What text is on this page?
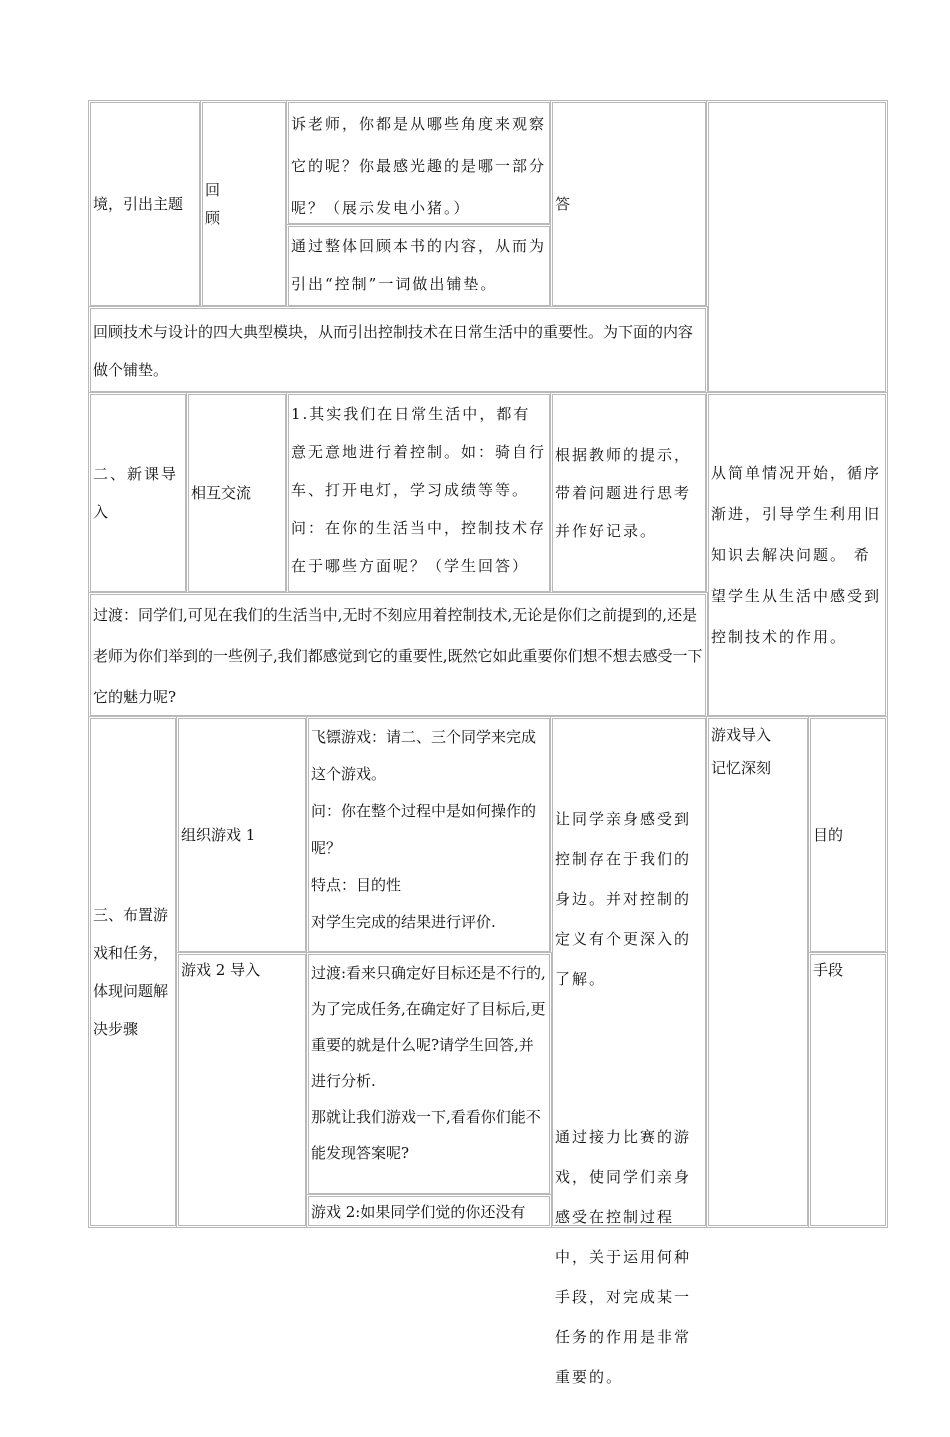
境，引出主题
回
顾
诉老师，你都是从哪些角度来观察它的呢？你最感光趣的是哪一部分呢？（展示发电小猪。）
通过整体回顾本书的内容，从而为引出“控制”一词做出铺垫。
答
回顾技术与设计的四大典型模块，从而引出控制技术在日常生活中的重要性。为下面的内容做个铺垫。
二、新课导入
相互交流
1.其实我们在日常生活中，都有意无意地进行着控制。如：骑自行车、打开电灯，学习成绩等等。
问：在你的生活当中，控制技术存在于哪些方面呢？（学生回答）
根据教师的提示，带着问题进行思考并作好记录。
从简单情况开始，循序渐进，引导学生利用旧知识去解决问题。 希望学生从生活中感受到控制技术的作用。
过渡：同学们,可见在我们的生活当中,无时不刻应用着控制技术,无论是你们之前提到的,还是老师为你们举到的一些例子,我们都感觉到它的重要性,既然它如此重要你们想不想去感受一下它的魅力呢?
三、布置游戏和任务，体现问题解决步骤
组织游戏 1
飞镖游戏：请二、三个同学来完成这个游戏。
问：你在整个过程中是如何操作的呢？
特点：目的性
对学生完成的结果进行评价.

让同学亲身感受到控制存在于我们的身边。并对控制的定义有个更深入的了解。

通过接力比赛的游戏，使同学们亲身感受在控制过程中，关于运用何种手段，对完成某一任务的作用是非常重要的。

游戏导入
记忆深刻
目的
手段
游戏 2 导入	过渡:看来只确定好目标还是不行的,为了完成任务,在确定好了目标后,更重要的就是什么呢?请学生回答,并进行分析.
那就让我们游戏一下,看看你们能不能发现答案呢?
游戏 2:如果同学们觉的你还没有
